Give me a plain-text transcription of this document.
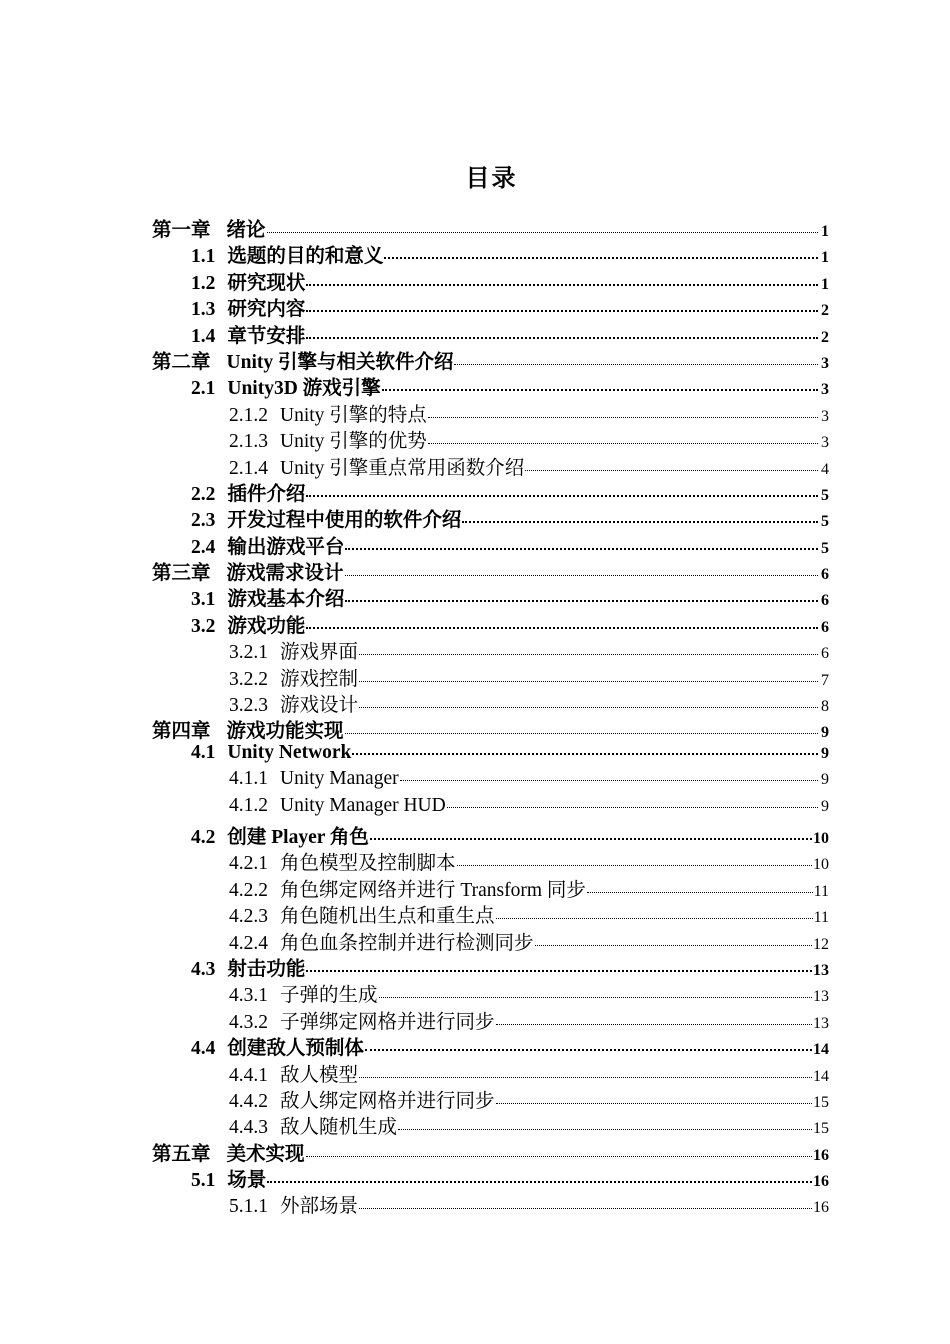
目录
第一章 绪论	1
1.1 选题的目的和意义	1
1.2 研究现状	1
1.3 研究内容	2
1.4 章节安排	2
第二章 Unity 引擎与相关软件介绍	3
2.1 Unity3D 游戏引擎	3
2.1.2 Unity 引擎的特点	3
2.1.3 Unity 引擎的优势	3
2.1.4 Unity 引擎重点常用函数介绍	4
2.2 插件介绍	5
2.3 开发过程中使用的软件介绍	5
2.4 输出游戏平台	5
第三章 游戏需求设计	6
3.1 游戏基本介绍	6
3.2 游戏功能	6
3.2.1 游戏界面	6
3.2.2 游戏控制	7
3.2.3 游戏设计	8
第四章 游戏功能实现	9
4.1 Unity Network	9
4.1.1 Unity Manager	9
4.1.2 Unity Manager HUD	9
4.2 创建 Player 角色	10
4.2.1 角色模型及控制脚本	10
4.2.2 角色绑定网络并进行 Transform 同步	11
4.2.3 角色随机出生点和重生点	11
4.2.4 角色血条控制并进行检测同步	12
4.3 射击功能	13
4.3.1 子弹的生成	13
4.3.2 子弹绑定网格并进行同步	13
4.4 创建敌人预制体	14
4.4.1 敌人模型	14
4.4.2 敌人绑定网格并进行同步	15
4.4.3 敌人随机生成	15
第五章 美术实现	16
5.1 场景	16
5.1.1 外部场景	16
